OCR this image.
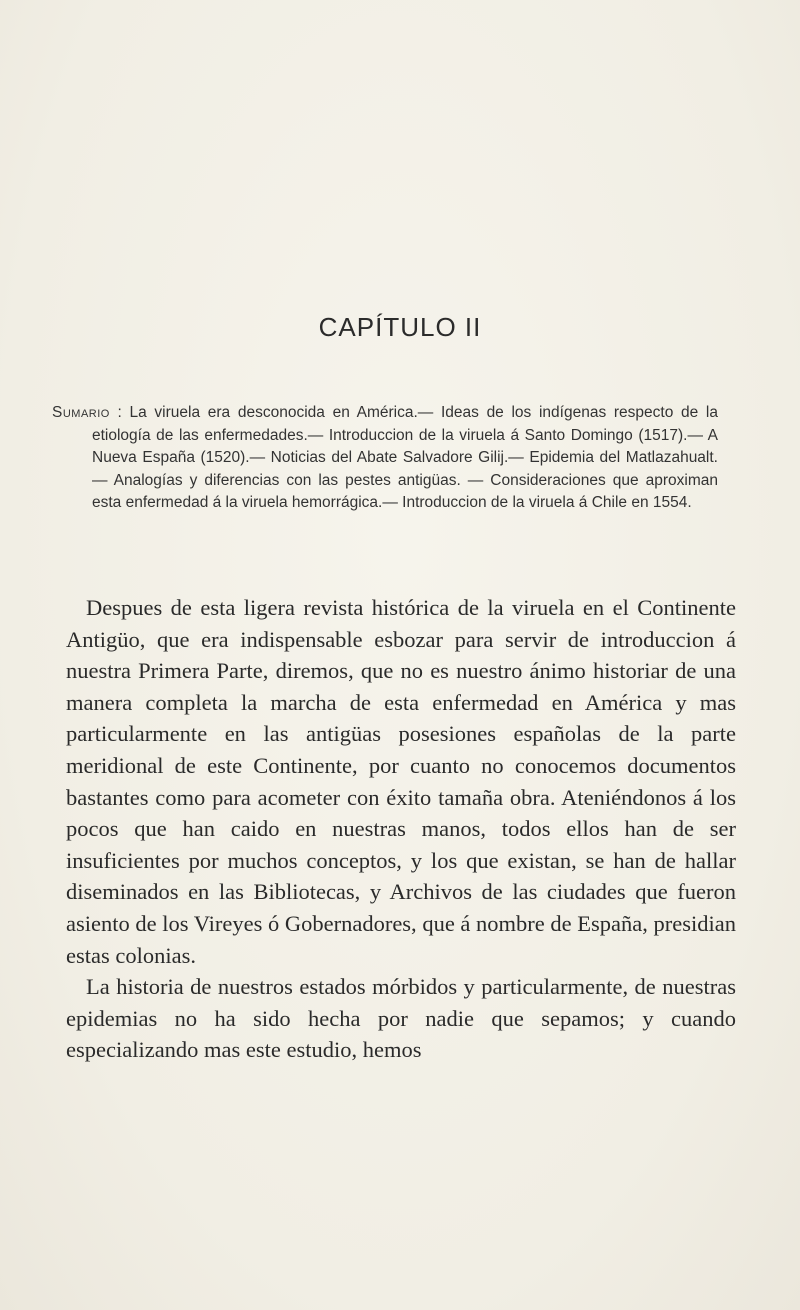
CAPÍTULO II
Sumario : La viruela era desconocida en América.— Ideas de los indígenas respecto de la etiología de las enfermedades.— Introduccion de la viruela á Santo Domingo (1517).— A Nueva España (1520).— Noticias del Abate Salvadore Gilij.— Epidemia del Matlazahualt.— Analogías y diferencias con las pestes antigüas. — Consideraciones que aproximan esta enfermedad á la viruela hemorrágica.— Introduccion de la viruela á Chile en 1554.

Despues de esta ligera revista histórica de la viruela en el Continente Antigüo, que era indispensable esbozar para servir de introduccion á nuestra Primera Parte, diremos, que no es nuestro ánimo historiar de una manera completa la marcha de esta enfermedad en América y mas particularmente en las antigüas posesiones españolas de la parte meridional de este Continente, por cuanto no conocemos documentos bastantes como para acometer con éxito tamaña obra. Ateniéndonos á los pocos que han caido en nuestras manos, todos ellos han de ser insuficientes por muchos conceptos, y los que existan, se han de hallar diseminados en las Bibliotecas, y Archivos de las ciudades que fueron asiento de los Vireyes ó Gobernadores, que á nombre de España, presidian estas colonias.

La historia de nuestros estados mórbidos y particularmente, de nuestras epidemias no ha sido hecha por nadie que sepamos; y cuando especializando mas este estudio, hemos
